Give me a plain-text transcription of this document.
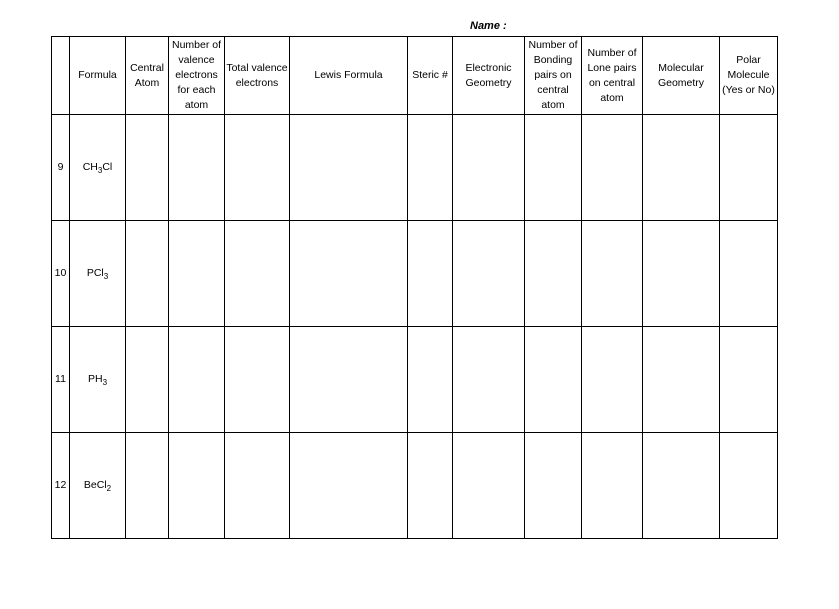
Name :
	Formula	Central Atom	Number of valence electrons for each atom	Total valence electrons	Lewis Formula	Steric #	Electronic Geometry	Number of Bonding pairs on central atom	Number of Lone pairs on central atom	Molecular Geometry	Polar Molecule (Yes or No)
9	$CH_3Cl$										
10	PCl$_3$										
11	$PH_3$										
12	BeCl$_2$										
